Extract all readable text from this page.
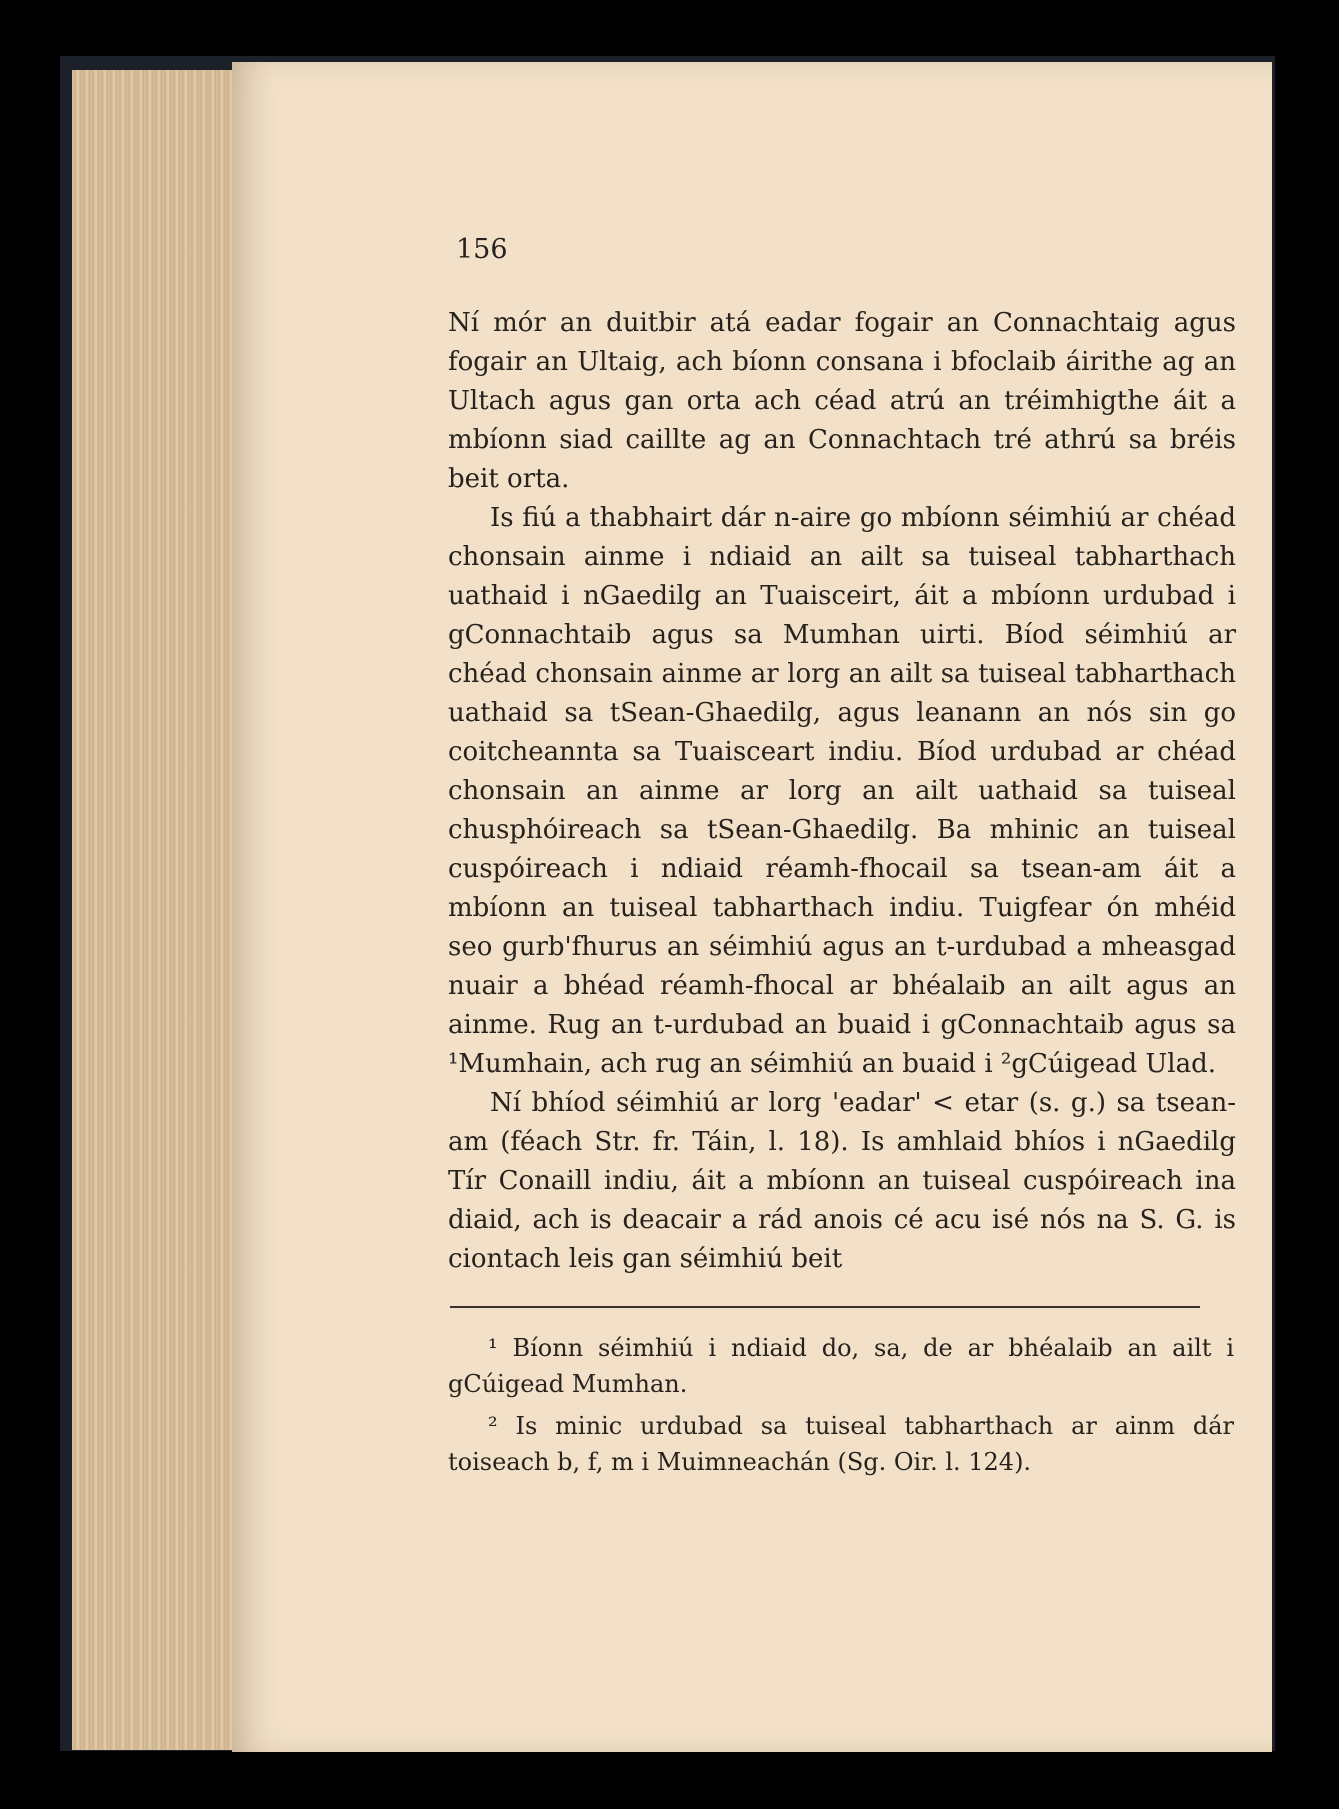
156

Ní mór an duitbir atá eadar fogair an Connachtaig agus fogair an Ultaig, ach bíonn consana i bfoclaib áirithe ag an Ultach agus gan orta ach céad atrú an tréimhigthe áit a mbíonn siad caillte ag an Connachtach tré athrú sa bréis beit orta.

Is fiú a thabhairt dár n-aire go mbíonn séimhiú ar chéad chonsain ainme i ndiaid an ailt sa tuiseal tabharthach uathaid i nGaedilg an Tuaisceirt, áit a mbíonn urdubad i gConnachtaib agus sa Mumhan uirti. Bíod séimhiú ar chéad chonsain ainme ar lorg an ailt sa tuiseal tabharthach uathaid sa tSean-Ghaedilg, agus leanann an nós sin go coitcheannta sa Tuaisceart indiu. Bíod urdubad ar chéad chonsain an ainme ar lorg an ailt uathaid sa tuiseal chusphóireach sa tSean-Ghaedilg. Ba mhinic an tuiseal cuspóireach i ndiaid réamh-fhocail sa tsean-am áit a mbíonn an tuiseal tabharthach indiu. Tuigfear ón mhéid seo gurb'fhurus an séimhiú agus an t-urdubad a mheasgad nuair a bhéad réamh-fhocal ar bhéalaib an ailt agus an ainme. Rug an t-urdubad an buaid i gConnachtaib agus sa ¹Mumhain, ach rug an séimhiú an buaid i ²gCúigead Ulad.

Ní bhíod séimhiú ar lorg 'eadar' < etar (s. g.) sa tsean-am (féach Str. fr. Táin, l. 18). Is amhlaid bhíos i nGaedilg Tír Conaill indiu, áit a mbíonn an tuiseal cuspóireach ina diaid, ach is deacair a rád anois cé acu isé nós na S. G. is ciontach leis gan séimhiú beit

¹ Bíonn séimhiú i ndiaid do, sa, de ar bhéalaib an ailt i gCúigead Mumhan.

² Is minic urdubad sa tuiseal tabharthach ar ainm dár toiseach b, f, m i Muimneachán (Sg. Oir. l. 124).
